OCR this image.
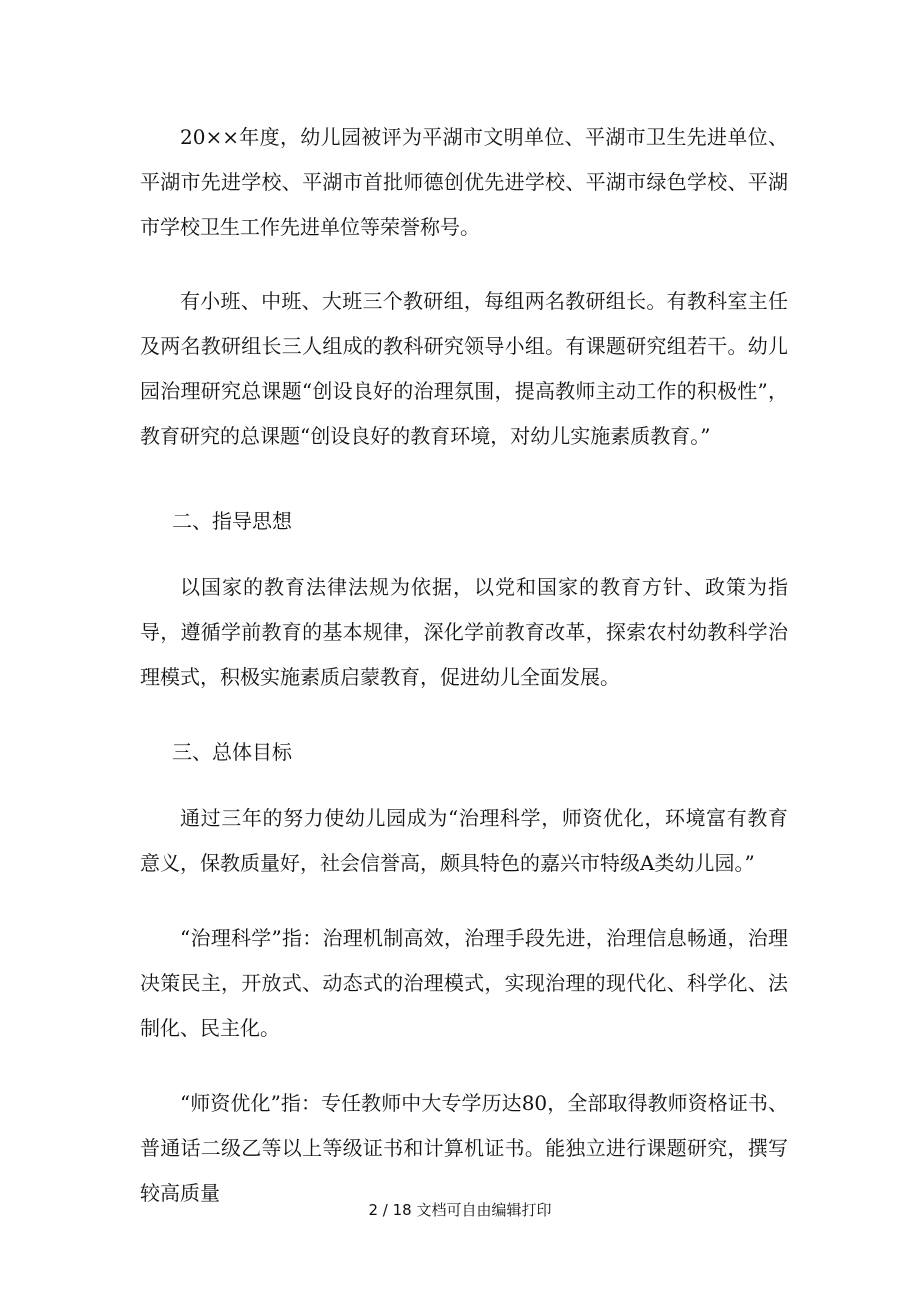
20××年度，幼儿园被评为平湖市文明单位、平湖市卫生先进单位、平湖市先进学校、平湖市首批师德创优先进学校、平湖市绿色学校、平湖市学校卫生工作先进单位等荣誉称号。

有小班、中班、大班三个教研组，每组两名教研组长。有教科室主任及两名教研组长三人组成的教科研究领导小组。有课题研究组若干。幼儿园治理研究总课题“创设良好的治理氛围，提高教师主动工作的积极性”，教育研究的总课题“创设良好的教育环境，对幼儿实施素质教育。”

二、指导思想

以国家的教育法律法规为依据，以党和国家的教育方针、政策为指导，遵循学前教育的基本规律，深化学前教育改革，探索农村幼教科学治理模式，积极实施素质启蒙教育，促进幼儿全面发展。

三、总体目标

通过三年的努力使幼儿园成为“治理科学，师资优化，环境富有教育意义，保教质量好，社会信誉高，颇具特色的嘉兴市特级A类幼儿园。”

“治理科学”指：治理机制高效，治理手段先进，治理信息畅通，治理决策民主，开放式、动态式的治理模式，实现治理的现代化、科学化、法制化、民主化。

“师资优化”指：专任教师中大专学历达80，全部取得教师资格证书、普通话二级乙等以上等级证书和计算机证书。能独立进行课题研究，撰写较高质量

2 / 18 文档可自由编辑打印
